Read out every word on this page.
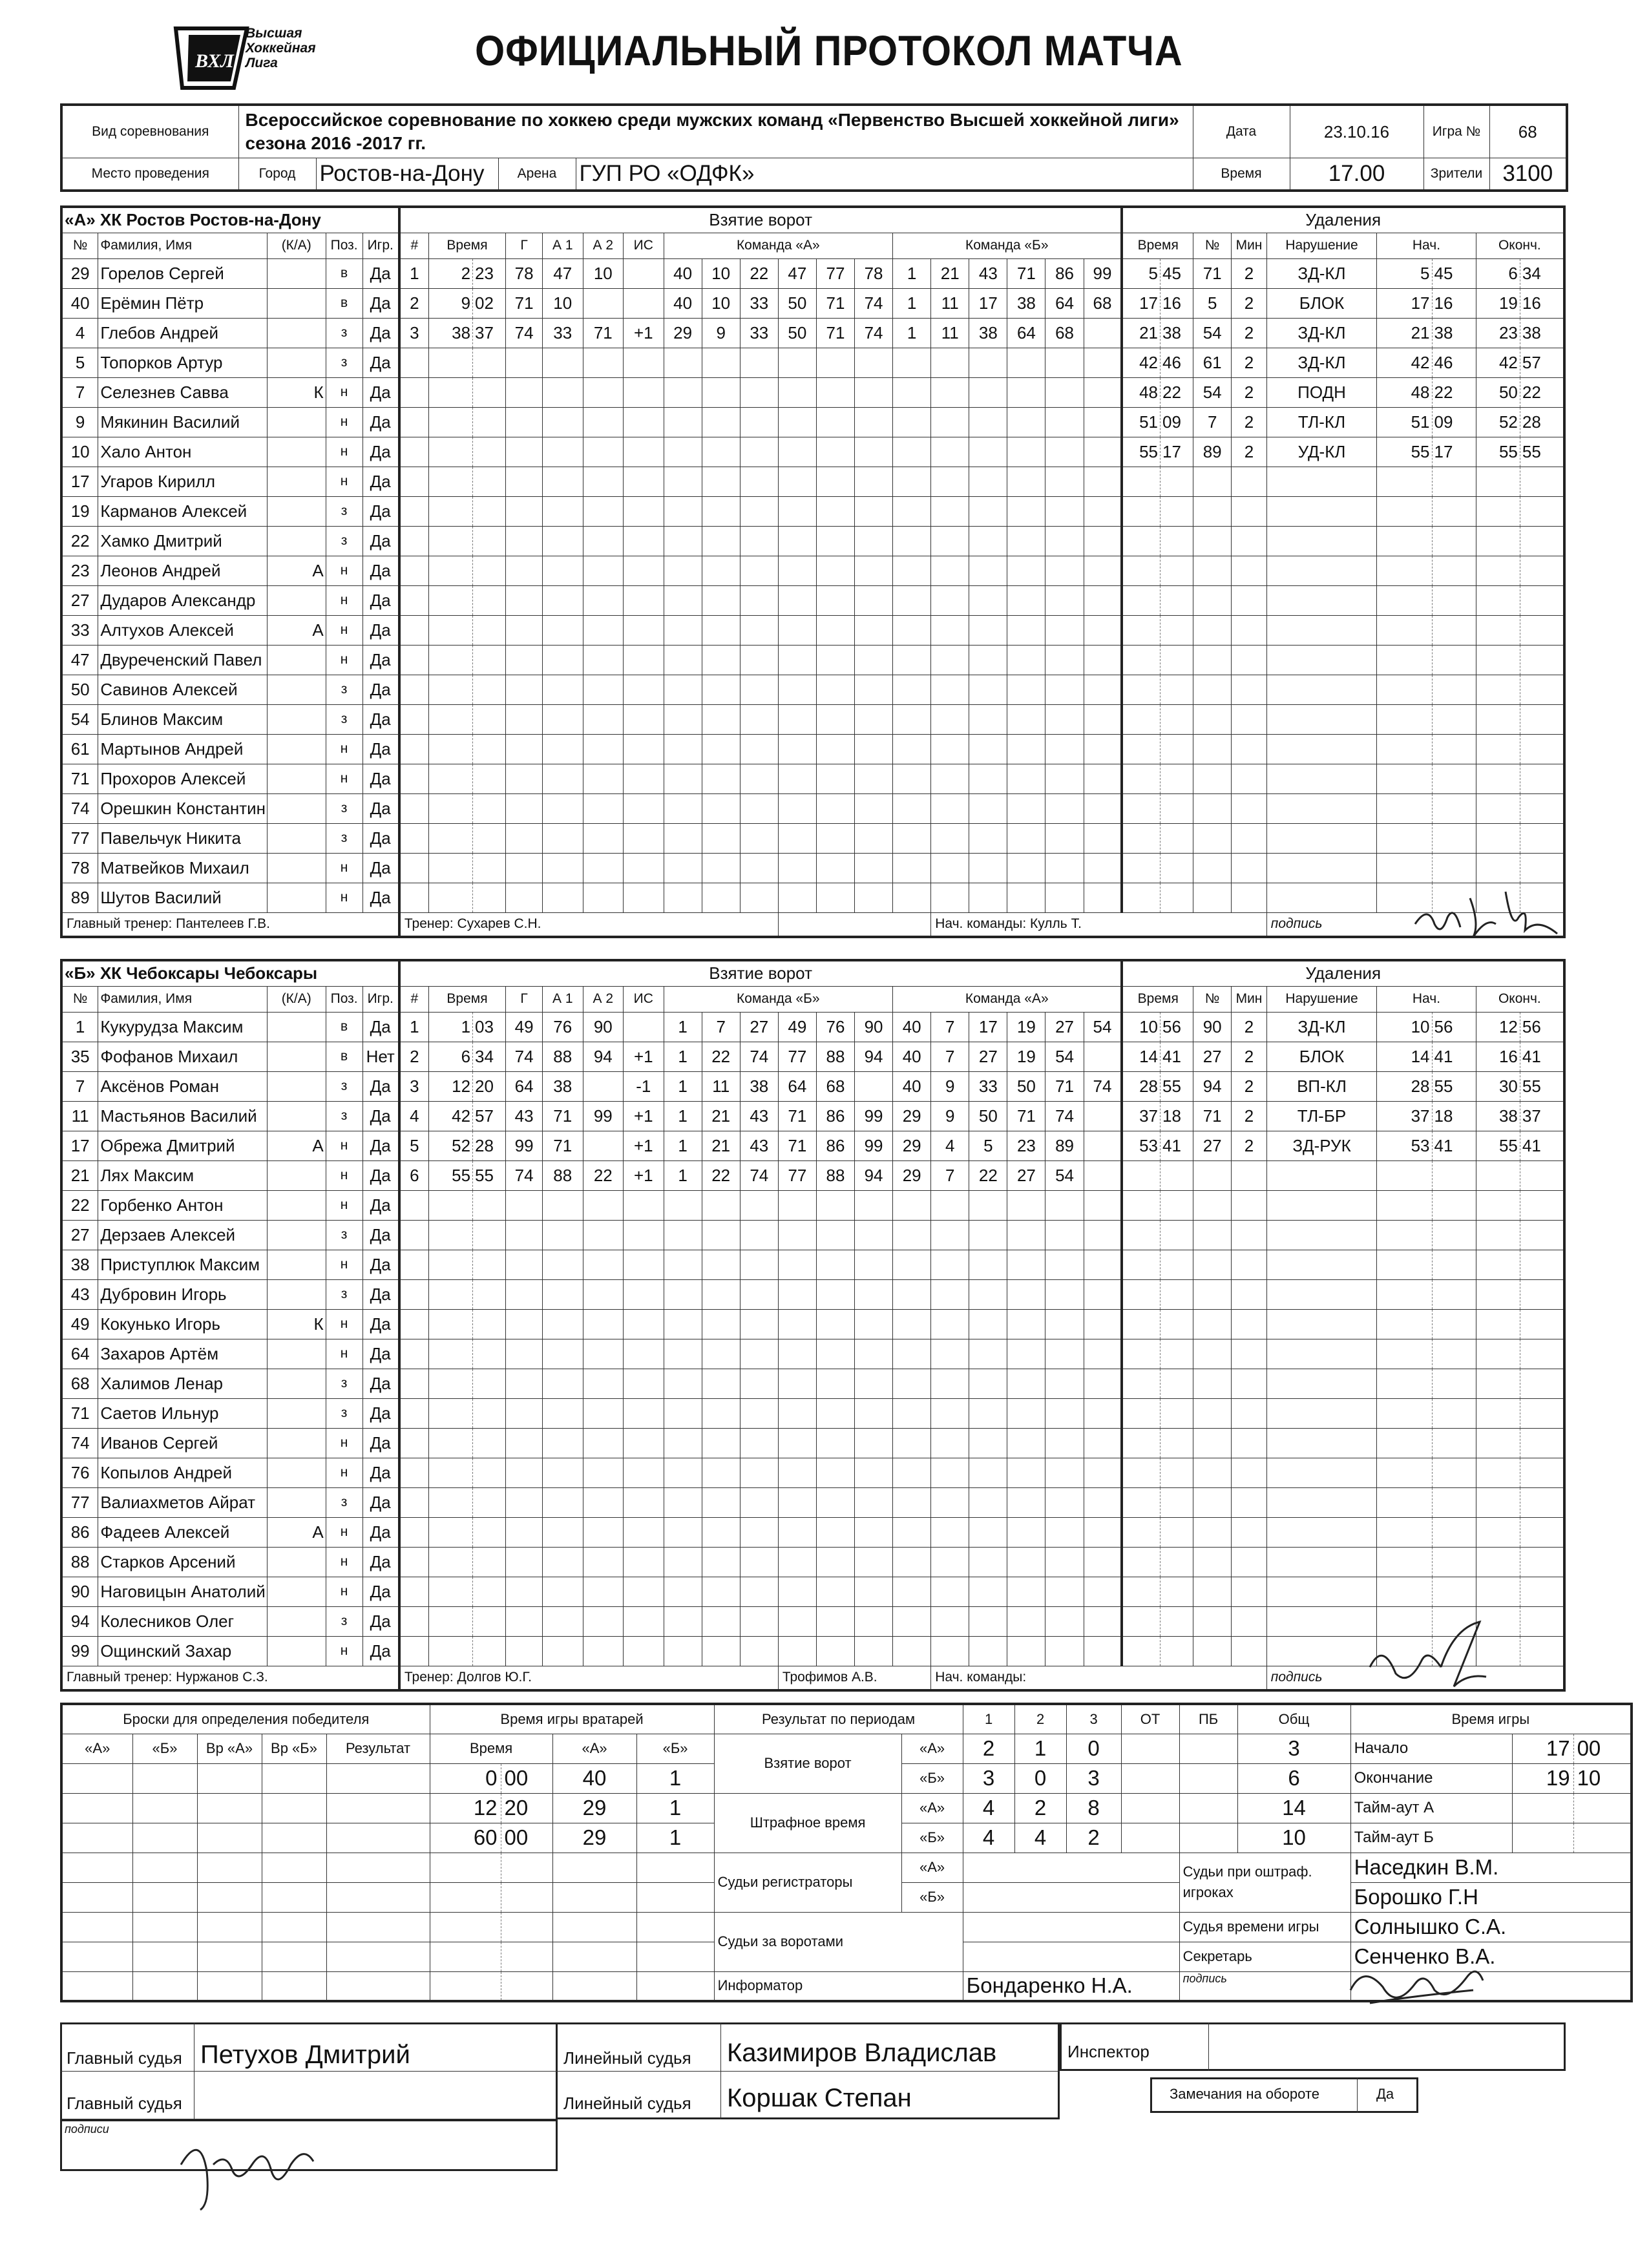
ВХЛ
Высшая
Хоккейная
Лига	ОФИЦИАЛЬНЫЙ ПРОТОКОЛ МАТЧА
Вид соревнования	Всероссийское соревнование по хоккею среди мужских команд «Первенство Высшей хоккейной лиги» сезона 2016 -2017 гг.				Дата	23.10.16	Игра №	68
Место проведения	Город	Ростов-на-Дону	Арена	ГУП РО «ОДФК»	Время	17.00	Зрители	3100
«А» ХК Ростов Ростов-на-Дону					Взятие ворот																			Удаления								
№	Фамилия, Имя	(К/А)	Поз.	Игр.	#	Время		Г	А 1	А 2	ИС	Команда «А»						Команда «Б»						Время		№	Мин	Нарушение	Нач.		Оконч.	
29	Горелов Сергей		в	Да	1	2	23	78	47	10		40	10	22	47	77	78	1	21	43	71	86	99	5	45	71	2	ЗД-КЛ	5	45	6	34
40	Ерёмин Пётр		в	Да	2	9	02	71	10			40	10	33	50	71	74	1	11	17	38	64	68	17	16	5	2	БЛОК	17	16	19	16
4	Глебов Андрей		з	Да	3	38	37	74	33	71	+1	29	9	33	50	71	74	1	11	38	64	68		21	38	54	2	ЗД-КЛ	21	38	23	38
5	Топорков Артур		з	Да																				42	46	61	2	ЗД-КЛ	42	46	42	57
7	Селезнев Савва	К	н	Да																				48	22	54	2	ПОДН	48	22	50	22
9	Мякинин Василий		н	Да																				51	09	7	2	ТЛ-КЛ	51	09	52	28
10	Хало Антон		н	Да																				55	17	89	2	УД-КЛ	55	17	55	55
17	Угаров Кирилл		н	Да																												
19	Карманов Алексей		з	Да																												
22	Хамко Дмитрий		з	Да																												
23	Леонов Андрей	А	н	Да																												
27	Дударов Александр		н	Да																												
33	Алтухов Алексей	А	н	Да																												
47	Двуреченский Павел		н	Да																												
50	Савинов Алексей		з	Да																												
54	Блинов Максим		з	Да																												
61	Мартынов Андрей		н	Да																												
71	Прохоров Алексей		н	Да																												
74	Орешкин Константин		з	Да																												
77	Павельчук Никита		з	Да																												
78	Матвейков Михаил		н	Да																												
89	Шутов Василий		н	Да																												
Главный тренер: Пантелеев Г.В.					Тренер: Сухарев С.Н.														Нач. команды: Кулль Т.									подпись				
«Б» ХК Чебоксары Чебоксары					Взятие ворот																			Удаления								
№	Фамилия, Имя	(К/А)	Поз.	Игр.	#	Время		Г	А 1	А 2	ИС	Команда «Б»						Команда «А»						Время		№	Мин	Нарушение	Нач.		Оконч.	
1	Кукурудза Максим		в	Да	1	1	03	49	76	90		1	7	27	49	76	90	40	7	17	19	27	54	10	56	90	2	ЗД-КЛ	10	56	12	56
35	Фофанов Михаил		в	Нет	2	6	34	74	88	94	+1	1	22	74	77	88	94	40	7	27	19	54		14	41	27	2	БЛОК	14	41	16	41
7	Аксёнов Роман		з	Да	3	12	20	64	38		-1	1	11	38	64	68		40	9	33	50	71	74	28	55	94	2	ВП-КЛ	28	55	30	55
11	Мастьянов Василий		з	Да	4	42	57	43	71	99	+1	1	21	43	71	86	99	29	9	50	71	74		37	18	71	2	ТЛ-БР	37	18	38	37
17	Обрежа Дмитрий	А	н	Да	5	52	28	99	71		+1	1	21	43	71	86	99	29	4	5	23	89		53	41	27	2	ЗД-РУК	53	41	55	41
21	Лях Максим		н	Да	6	55	55	74	88	22	+1	1	22	74	77	88	94	29	7	22	27	54										
22	Горбенко Антон		н	Да																												
27	Дерзаев Алексей		з	Да																												
38	Приступлюк Максим		н	Да																												
43	Дубровин Игорь		з	Да																												
49	Кокунько Игорь	К	н	Да																												
64	Захаров Артём		н	Да																												
68	Халимов Ленар		з	Да																												
71	Саетов Ильнур		з	Да																												
74	Иванов Сергей		н	Да																												
76	Копылов Андрей		н	Да																												
77	Валиахметов Айрат		з	Да																												
86	Фадеев Алексей	А	н	Да																												
88	Старков Арсений		н	Да																												
90	Наговицын Анатолий		н	Да																												
94	Колесников Олег		з	Да																												
99	Ощинский Захар		н	Да																												
Главный тренер: Нуржанов С.З.					Тренер: Долгов Ю.Г.										Трофимов А.В.				Нач. команды:									подпись				
Броски для определения победителя					Время игры вратарей				Результат по периодам		1	2	3	ОТ	ПБ	Общ	Время игры		
«А»	«Б»	Вр «А»	Вр «Б»	Результат	Время		«А»	«Б»	Взятие ворот	«А»	2	1	0			3	Начало	17	00
					0	00	40	1		«Б»	3	0	3			6	Окончание	19	10
					12	20	29	1	Штрафное время	«А»	4	2	8			14	Тайм-аут А		
					60	00	29	1		«Б»	4	4	2			10	Тайм-аут Б		
									Судьи регистраторы	«А»					Судьи при оштраф. игроках		Наседкин В.М.		
										«Б»							Борошко Г.Н		
									Судьи за воротами						Судья времени игры		Солнышко С.А.		
															Секретарь		Сенченко В.А.		
									Информатор		Бондаренко Н.А.				подпись				
Главный судья Петухов Дмитрий
Главный судья
подписи
Линейный судья Казимиров Владислав
Линейный судья Коршак Степан
Инспектор
Замечания на обороте	Да
